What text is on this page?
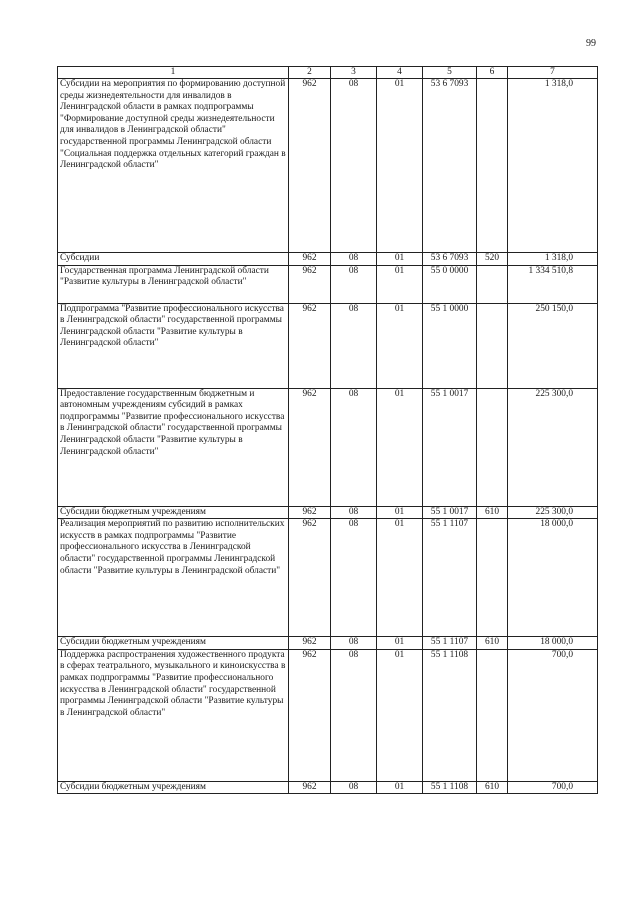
99
1	2	3	4	5	6	7
Субсидии на мероприятия по формированию доступной среды жизнедеятельности для инвалидов в Ленинградской области в рамках подпрограммы "Формирование доступной среды жизнедеятельности для инвалидов в Ленинградской области" государственной программы Ленинградской области "Социальная поддержка отдельных категорий граждан в Ленинградской области"	962	08	01	53 6 7093		1 318,0
Субсидии	962	08	01	53 6 7093	520	1 318,0
Государственная программа Ленинградской области "Развитие культуры в Ленинградской области"	962	08	01	55 0 0000		1 334 510,8
Подпрограмма "Развитие профессионального искусства в Ленинградской области" государственной программы Ленинградской области "Развитие культуры в Ленинградской области"	962	08	01	55 1 0000		250 150,0
Предоставление государственным бюджетным и автономным учреждениям субсидий в рамках подпрограммы "Развитие профессионального искусства в Ленинградской области" государственной программы Ленинградской области "Развитие культуры в Ленинградской области"	962	08	01	55 1 0017		225 300,0
Субсидии бюджетным учреждениям	962	08	01	55 1 0017	610	225 300,0
Реализация мероприятий по развитию исполнительских искусств в рамках подпрограммы "Развитие профессионального искусства в Ленинградской области" государственной программы Ленинградской области "Развитие культуры в Ленинградской области"	962	08	01	55 1 1107		18 000,0
Субсидии бюджетным учреждениям	962	08	01	55 1 1107	610	18 000,0
Поддержка распространения художественного продукта в сферах театрального, музыкального и киноискусства в рамках подпрограммы "Развитие профессионального искусства в Ленинградской области" государственной программы Ленинградской области "Развитие культуры в Ленинградской области"	962	08	01	55 1 1108		700,0
Субсидии бюджетным учреждениям	962	08	01	55 1 1108	610	700,0
